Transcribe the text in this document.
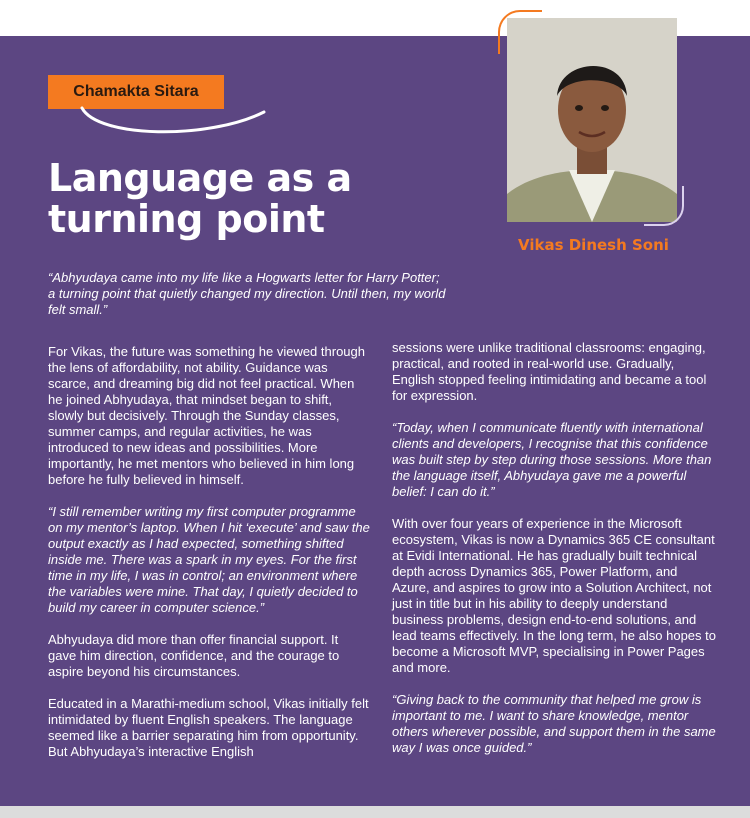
Chamakta Sitara
Language as a turning point
Vikas Dinesh Soni

“Abhyudaya came into my life like a Hogwarts letter for Harry Potter; a turning point that quietly changed my direction. Until then, my world felt small.”

For Vikas, the future was something he viewed through the lens of affordability, not ability. Guidance was scarce, and dreaming big did not feel practical. When he joined Abhyudaya, that mindset began to shift, slowly but decisively. Through the Sunday classes, summer camps, and regular activities, he was introduced to new ideas and possibilities. More importantly, he met mentors who believed in him long before he fully believed in himself.

“I still remember writing my first computer programme on my mentor’s laptop. When I hit ‘execute’ and saw the output exactly as I had expected, something shifted inside me. There was a spark in my eyes. For the first time in my life, I was in control; an environment where the variables were mine. That day, I quietly decided to build my career in computer science.”

Abhyudaya did more than offer financial support. It gave him direction, confidence, and the courage to aspire beyond his circumstances.

Educated in a Marathi-medium school, Vikas initially felt intimidated by fluent English speakers. The language seemed like a barrier separating him from opportunity. But Abhyudaya’s interactive English

sessions were unlike traditional classrooms: engaging, practical, and rooted in real-world use. Gradually, English stopped feeling intimidating and became a tool for expression.

“Today, when I communicate fluently with international clients and developers, I recognise that this confidence was built step by step during those sessions. More than the language itself, Abhyudaya gave me a powerful belief: I can do it.”

With over four years of experience in the Microsoft ecosystem, Vikas is now a Dynamics 365 CE consultant at Evidi International. He has gradually built technical depth across Dynamics 365, Power Platform, and Azure, and aspires to grow into a Solution Architect, not just in title but in his ability to deeply understand business problems, design end-to-end solutions, and lead teams effectively. In the long term, he also hopes to become a Microsoft MVP, specialising in Power Pages and more.

“Giving back to the community that helped me grow is important to me. I want to share knowledge, mentor others wherever possible, and support them in the same way I was once guided.”
